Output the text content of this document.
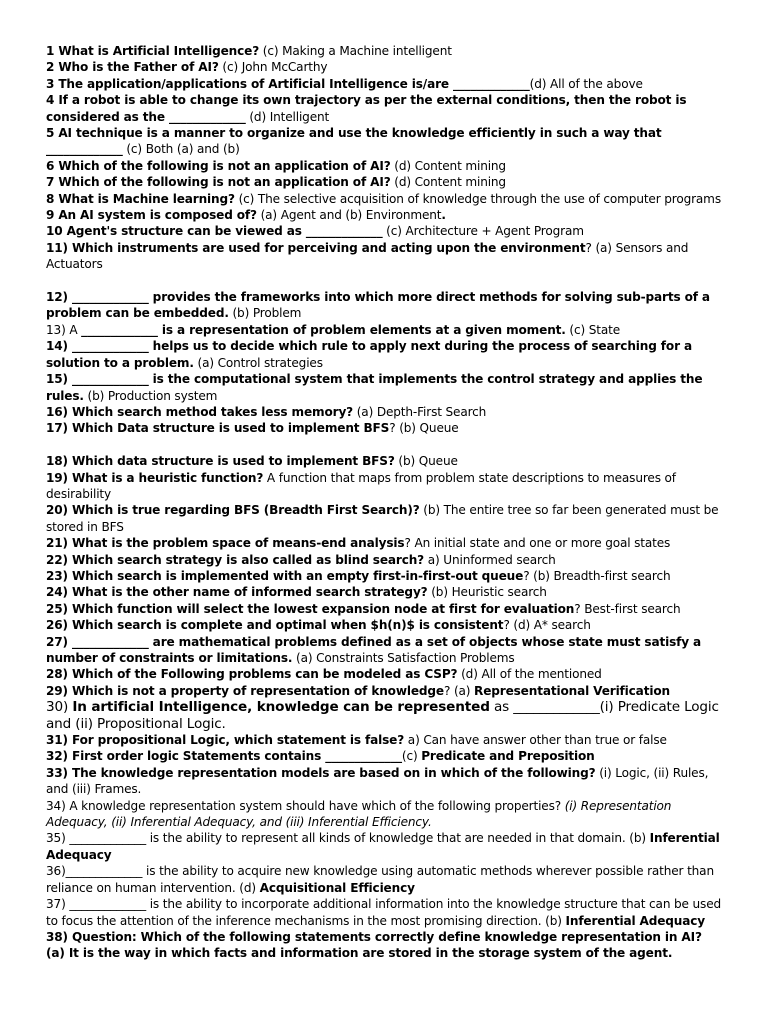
1 What is Artificial Intelligence? (c) Making a Machine intelligent

2 Who is the Father of AI? (c) John McCarthy

3 The application/applications of Artificial Intelligence is/are _____________(d) All of the above

4 If a robot is able to change its own trajectory as per the external conditions, then the robot is considered as the _____________ (d) Intelligent

5 AI technique is a manner to organize and use the knowledge efficiently in such a way that _____________ (c) Both (a) and (b)

6 Which of the following is not an application of AI? (d) Content mining

7 Which of the following is not an application of AI? (d) Content mining

8 What is Machine learning? (c) The selective acquisition of knowledge through the use of computer programs

9 An AI system is composed of? (a) Agent and (b) Environment.

10 Agent's structure can be viewed as _____________ (c) Architecture + Agent Program

11) Which instruments are used for perceiving and acting upon the environment? (a) Sensors and Actuators

12) _____________ provides the frameworks into which more direct methods for solving sub-parts of a problem can be embedded. (b) Problem

13) A _____________ is a representation of problem elements at a given moment. (c) State

14) _____________ helps us to decide which rule to apply next during the process of searching for a solution to a problem. (a) Control strategies

15) _____________ is the computational system that implements the control strategy and applies the rules. (b) Production system

16) Which search method takes less memory? (a) Depth-First Search

17) Which Data structure is used to implement BFS? (b) Queue

18) Which data structure is used to implement BFS? (b) Queue

19) What is a heuristic function? A function that maps from problem state descriptions to measures of desirability

20) Which is true regarding BFS (Breadth First Search)? (b) The entire tree so far been generated must be stored in BFS

21) What is the problem space of means-end analysis? An initial state and one or more goal states

22) Which search strategy is also called as blind search? a) Uninformed search

23) Which search is implemented with an empty first-in-first-out queue? (b) Breadth-first search

24) What is the other name of informed search strategy? (b) Heuristic search

25) Which function will select the lowest expansion node at first for evaluation? Best-first search

26) Which search is complete and optimal when $h(n)$ is consistent? (d) A* search

27) _____________ are mathematical problems defined as a set of objects whose state must satisfy a number of constraints or limitations. (a) Constraints Satisfaction Problems

28) Which of the Following problems can be modeled as CSP? (d) All of the mentioned

29) Which is not a property of representation of knowledge? (a) Representational Verification

30) In artificial Intelligence, knowledge can be represented as _____________(i) Predicate Logic and (ii) Propositional Logic.

31) For propositional Logic, which statement is false? a) Can have answer other than true or false

32) First order logic Statements contains _____________(c) Predicate and Preposition

33) The knowledge representation models are based on in which of the following? (i) Logic, (ii) Rules, and (iii) Frames.

34) A knowledge representation system should have which of the following properties? (i) Representation Adequacy, (ii) Inferential Adequacy, and (iii) Inferential Efficiency.

35) _____________ is the ability to represent all kinds of knowledge that are needed in that domain. (b) Inferential Adequacy

36)_____________ is the ability to acquire new knowledge using automatic methods wherever possible rather than reliance on human intervention. (d) Acquisitional Efficiency

37) _____________ is the ability to incorporate additional information into the knowledge structure that can be used to focus the attention of the inference mechanisms in the most promising direction. (b) Inferential Adequacy

38) Question: Which of the following statements correctly define knowledge representation in AI?

(a) It is the way in which facts and information are stored in the storage system of the agent.
